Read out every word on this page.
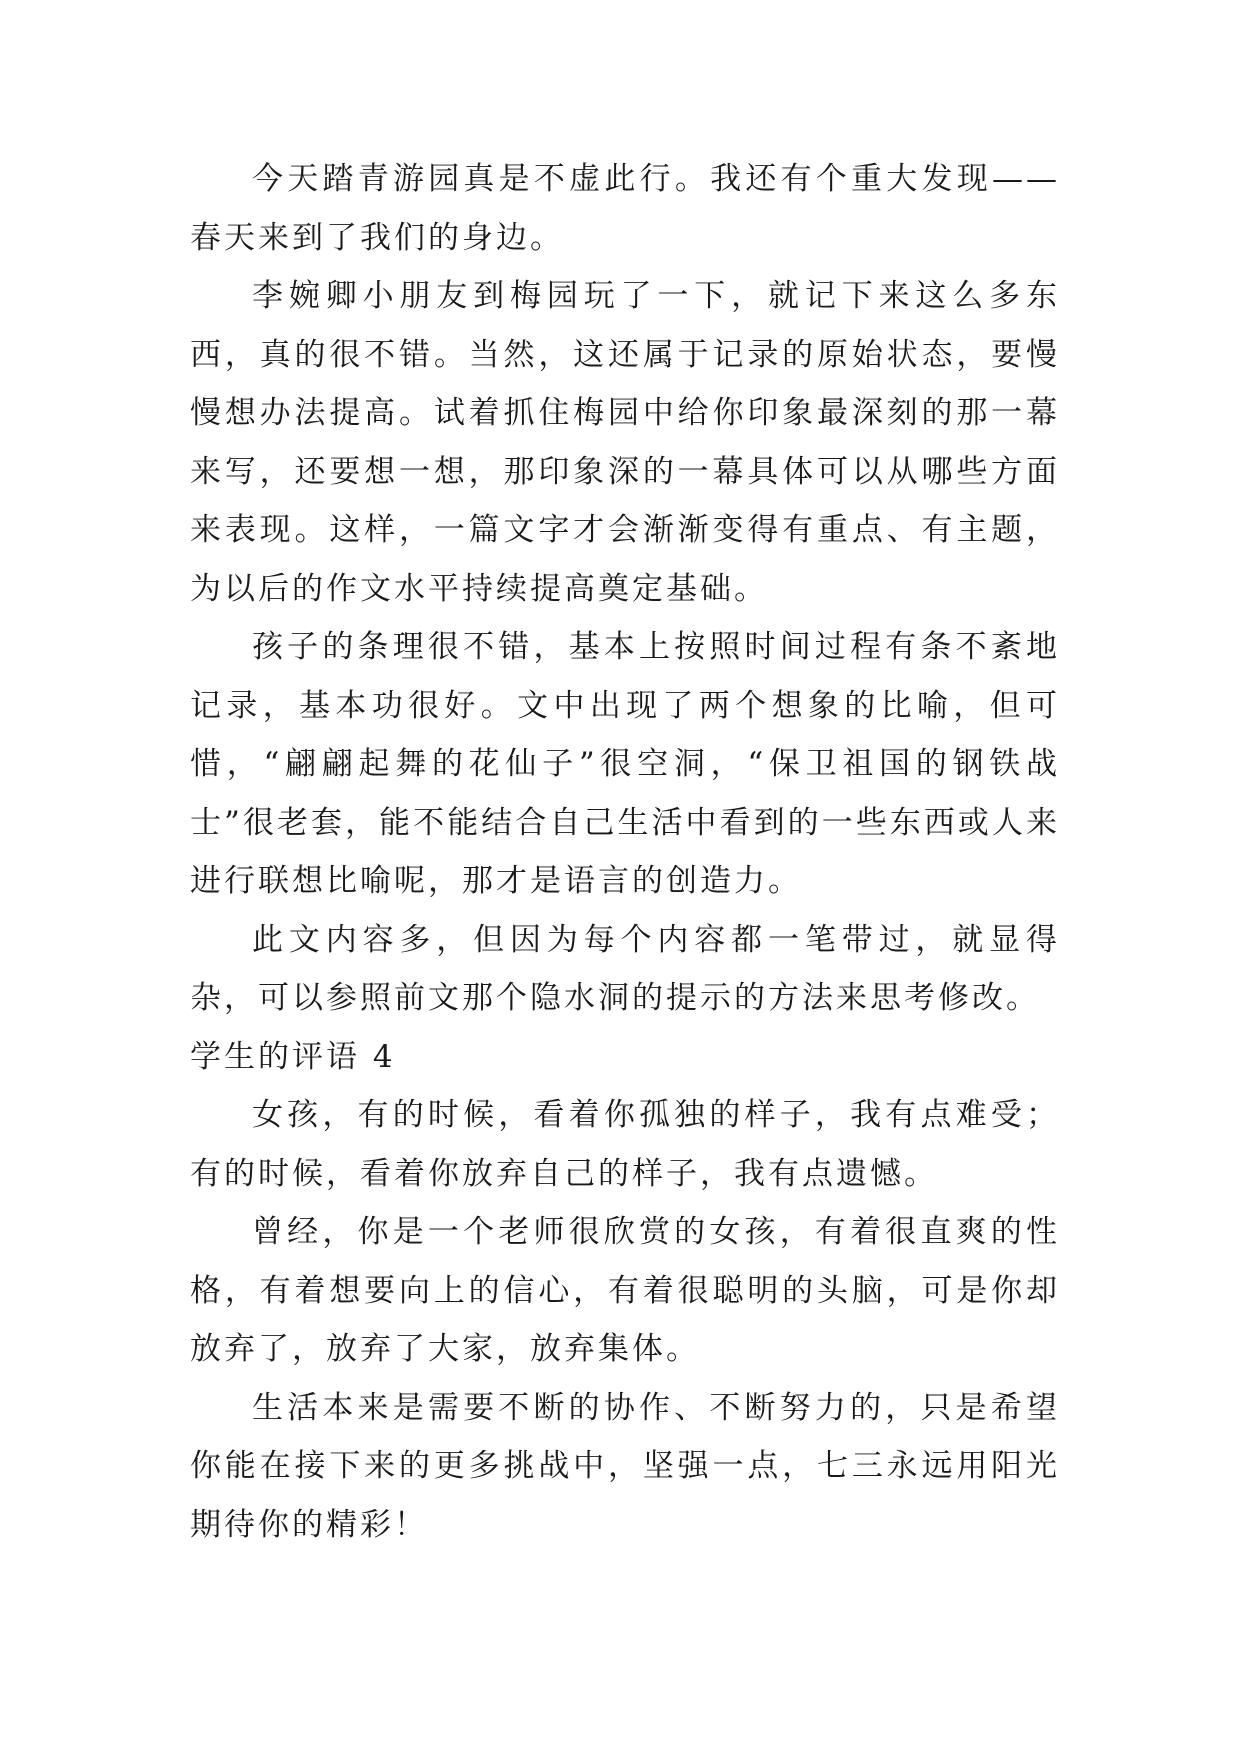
今天踏青游园真是不虚此行。我还有个重大发现——春天来到了我们的身边。

李婉卿小朋友到梅园玩了一下，就记下来这么多东西，真的很不错。当然，这还属于记录的原始状态，要慢慢想办法提高。试着抓住梅园中给你印象最深刻的那一幕来写，还要想一想，那印象深的一幕具体可以从哪些方面来表现。这样，一篇文字才会渐渐变得有重点、有主题，为以后的作文水平持续提高奠定基础。

孩子的条理很不错，基本上按照时间过程有条不紊地记录，基本功很好。文中出现了两个想象的比喻，但可惜，“翩翩起舞的花仙子”很空洞，“保卫祖国的钢铁战士”很老套，能不能结合自己生活中看到的一些东西或人来进行联想比喻呢，那才是语言的创造力。

此文内容多，但因为每个内容都一笔带过，就显得杂，可以参照前文那个隐水洞的提示的方法来思考修改。

学生的评语 4

女孩，有的时候，看着你孤独的样子，我有点难受；有的时候，看着你放弃自己的样子，我有点遗憾。

曾经，你是一个老师很欣赏的女孩，有着很直爽的性格，有着想要向上的信心，有着很聪明的头脑，可是你却放弃了，放弃了大家，放弃集体。

生活本来是需要不断的协作、不断努力的，只是希望你能在接下来的更多挑战中，坚强一点，七三永远用阳光期待你的精彩！
